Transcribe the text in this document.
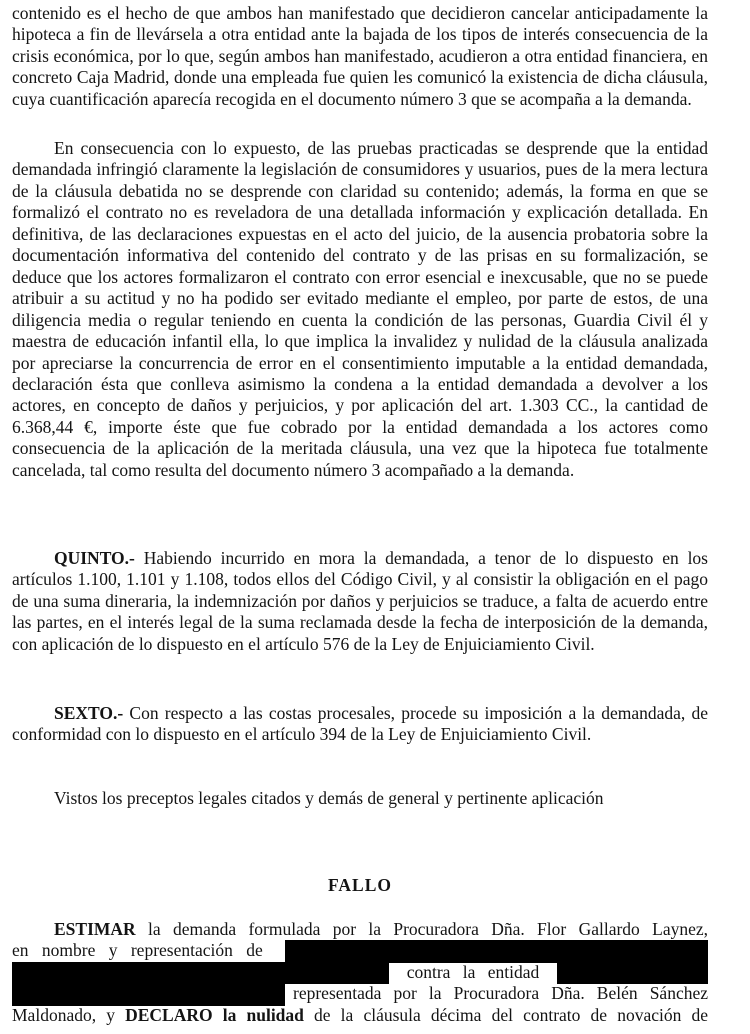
contenido es el hecho de que ambos han manifestado que decidieron cancelar anticipadamente la hipoteca a fin de llevársela a otra entidad ante la bajada de los tipos de interés consecuencia de la crisis económica, por lo que, según ambos han manifestado, acudieron a otra entidad financiera, en concreto Caja Madrid, donde una empleada fue quien les comunicó la existencia de dicha cláusula, cuya cuantificación aparecía recogida en el documento número 3 que se acompaña a la demanda.
En consecuencia con lo expuesto, de las pruebas practicadas se desprende que la entidad demandada infringió claramente la legislación de consumidores y usuarios, pues de la mera lectura de la cláusula debatida no se desprende con claridad su contenido; además, la forma en que se formalizó el contrato no es reveladora de una detallada información y explicación detallada. En definitiva, de las declaraciones expuestas en el acto del juicio, de la ausencia probatoria sobre la documentación informativa del contenido del contrato y de las prisas en su formalización, se deduce que los actores formalizaron el contrato con error esencial e inexcusable, que no se puede atribuir a su actitud y no ha podido ser evitado mediante el empleo, por parte de estos, de una diligencia media o regular teniendo en cuenta la condición de las personas, Guardia Civil él y maestra de educación infantil ella, lo que implica la invalidez y nulidad de la cláusula analizada por apreciarse la concurrencia de error en el consentimiento imputable a la entidad demandada, declaración ésta que conlleva asimismo la condena a la entidad demandada a devolver a los actores, en concepto de daños y perjuicios, y por aplicación del art. 1.303 CC., la cantidad de 6.368,44 €, importe éste que fue cobrado por la entidad demandada a los actores como consecuencia de la aplicación de la meritada cláusula, una vez que la hipoteca fue totalmente cancelada, tal como resulta del documento número 3 acompañado a la demanda.
QUINTO.- Habiendo incurrido en mora la demandada, a tenor de lo dispuesto en los artículos 1.100, 1.101 y 1.108, todos ellos del Código Civil, y al consistir la obligación en el pago de una suma dineraria, la indemnización por daños y perjuicios se traduce, a falta de acuerdo entre las partes, en el interés legal de la suma reclamada desde la fecha de interposición de la demanda, con aplicación de lo dispuesto en el artículo 576 de la Ley de Enjuiciamiento Civil.
SEXTO.- Con respecto a las costas procesales, procede su imposición a la demandada, de conformidad con lo dispuesto en el artículo 394 de la Ley de Enjuiciamiento Civil.
Vistos los preceptos legales citados y demás de general y pertinente aplicación
FALLO
ESTIMAR la demanda formulada por la Procuradora Dña. Flor Gallardo Laynez,
en nombre y representación de
contra la entidad
representada por la Procuradora Dña. Belén Sánchez
Maldonado, y DECLARO la nulidad de la cláusula décima del contrato de novación de
